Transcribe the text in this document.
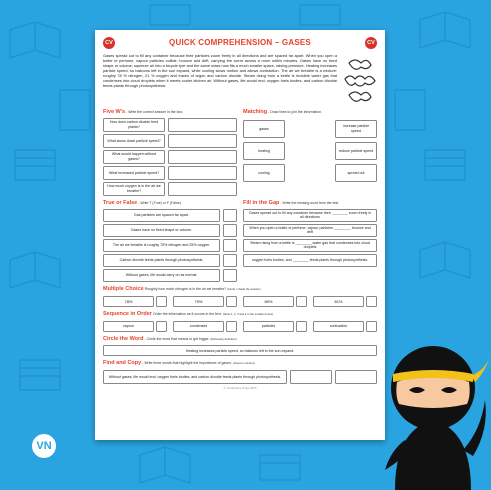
CV	QUICK COMPREHENSION – GASES	CV

Gases spread out to fill any container because their particles zoom freely in all directions and are spaced far apart. When you open a bottle of perfume, vapour particles collide, bounce and drift, carrying the scent across a room within minutes. Gases have no fixed shape or volume; squeeze air into a bicycle tyre and the same mass now fits a much smaller space, raising pressure. Heating increases particle speed, so balloons left in the sun expand, while cooling slows motion and allows contraction. The air we breathe is a mixture: roughly 78 % nitrogen, 21 % oxygen and traces of argon and carbon dioxide. Steam rising from a kettle is invisible water gas that condenses into cloud droplets when it meets cooler kitchen air. Without gases, life would end; oxygen fuels bodies, and carbon dioxide feeds plants through photosynthesis.

Five W's - Write the correct answer in the box.
How does carbon dioxide feed plants?
What slows down particle speed?
What would happen without gases?
What increased particle speed?
How much oxygen is in the air we breathe?
Matching - Draw lines to join the information.
gases
increase particle speed
heating	reduce particle speed
cooling	spread out
True or False - Write T (True) or F (False).
Gas particles are spaced far apart.
Gases have no fixed shape or volume.
The air we breathe is roughly 75% nitrogen and 25% oxygen.
Carbon dioxide feeds plants through photosynthesis.
Without gases, life would carry on as normal.
Fill in the Gap - Write the missing word from the text.
Gases spread out to fill any container because their ________ zoom freely in all directions
When you open a bottle of perfume, vapour particles ________, bounce and drift
Steam rising from a kettle is ________ water gas that condenses into cloud droplets
oxygen fuels bodies, and ________ feeds plants through photosynthesis.
Multiple Choice Roughly how much nitrogen is in the air we breathe? (Circle / shade the answer)
78%	79%	80%	81%
Sequence in Order Order the information as it occurs in the text. (Write 1, 2, 3 and 4 in the smaller boxes)
vapour	condenses	particles	contraction
Circle the Word - Circle the word that means to get bigger. (Dictionary definition)
Heating increases particle speed, so balloons left in the sun expand.
Find and Copy - Write three words that highlight the importance of gases. (Clues in context)
Without gases, life would end; oxygen fuels bodies, and carbon dioxide feeds plants through photosynthesis.
© Vocabulary Ninja 2025
VN
